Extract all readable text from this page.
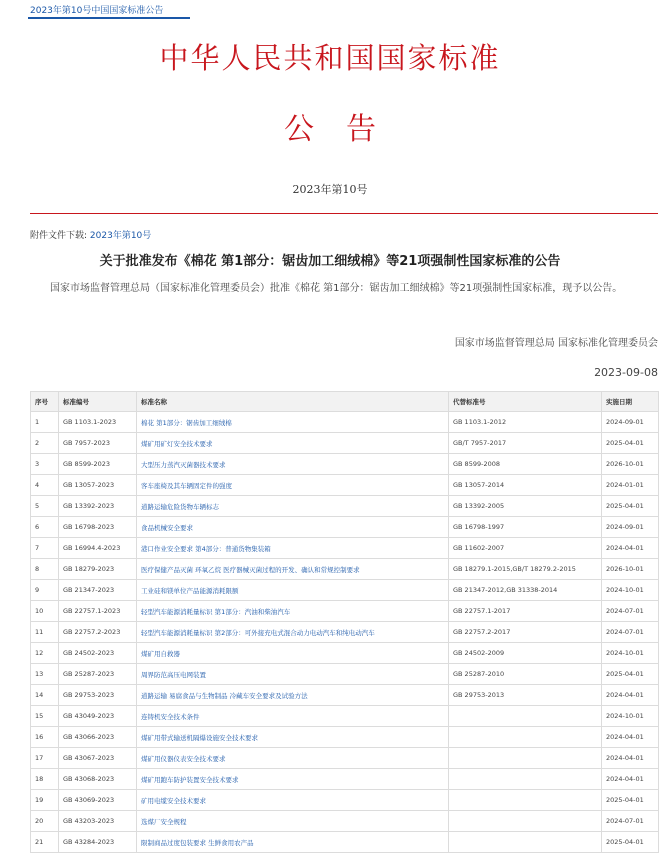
2023年第10号中国国家标准公告
中华人民共和国国家标准
公告
2023年第10号
附件文件下载: 2023年第10号
关于批准发布《棉花 第1部分：锯齿加工细绒棉》等21项强制性国家标准的公告
国家市场监督管理总局（国家标准化管理委员会）批准《棉花 第1部分：锯齿加工细绒棉》等21项强制性国家标准，现予以公告。
国家市场监督管理总局 国家标准化管理委员会
2023-09-08
序号	标准编号	标准名称	代替标准号	实施日期
1	GB 1103.1-2023	棉花 第1部分：锯齿加工细绒棉	GB 1103.1-2012	2024-09-01
2	GB 7957-2023	煤矿用矿灯安全技术要求	GB/T 7957-2017	2025-04-01
3	GB 8599-2023	大型压力蒸汽灭菌器技术要求	GB 8599-2008	2026-10-01
4	GB 13057-2023	客车座椅及其车辆固定件的强度	GB 13057-2014	2024-01-01
5	GB 13392-2023	道路运输危险货物车辆标志	GB 13392-2005	2025-04-01
6	GB 16798-2023	食品机械安全要求	GB 16798-1997	2024-09-01
7	GB 16994.4-2023	港口作业安全要求 第4部分：普通货物集装箱	GB 11602-2007	2024-04-01
8	GB 18279-2023	医疗保健产品灭菌 环氧乙烷 医疗器械灭菌过程的开发、确认和常规控制要求	GB 18279.1-2015,GB/T 18279.2-2015	2026-10-01
9	GB 21347-2023	工业硅和镁单位产品能源消耗限额	GB 21347-2012,GB 31338-2014	2024-10-01
10	GB 22757.1-2023	轻型汽车能源消耗量标识 第1部分：汽油和柴油汽车	GB 22757.1-2017	2024-07-01
11	GB 22757.2-2023	轻型汽车能源消耗量标识 第2部分：可外接充电式混合动力电动汽车和纯电动汽车	GB 22757.2-2017	2024-07-01
12	GB 24502-2023	煤矿用自救器	GB 24502-2009	2024-10-01
13	GB 25287-2023	周界防范高压电网装置	GB 25287-2010	2025-04-01
14	GB 29753-2023	道路运输 易腐食品与生物制品 冷藏车安全要求及试验方法	GB 29753-2013	2024-04-01
15	GB 43049-2023	连铸机安全技术条件		2024-10-01
16	GB 43066-2023	煤矿用带式输送机隔爆设施安全技术要求		2024-04-01
17	GB 43067-2023	煤矿用仪器仪表安全技术要求		2024-04-01
18	GB 43068-2023	煤矿用跑车防护装置安全技术要求		2024-04-01
19	GB 43069-2023	矿用电缆安全技术要求		2025-04-01
20	GB 43203-2023	选煤厂安全规程		2024-07-01
21	GB 43284-2023	限制商品过度包装要求 生鲜食用农产品		2025-04-01
